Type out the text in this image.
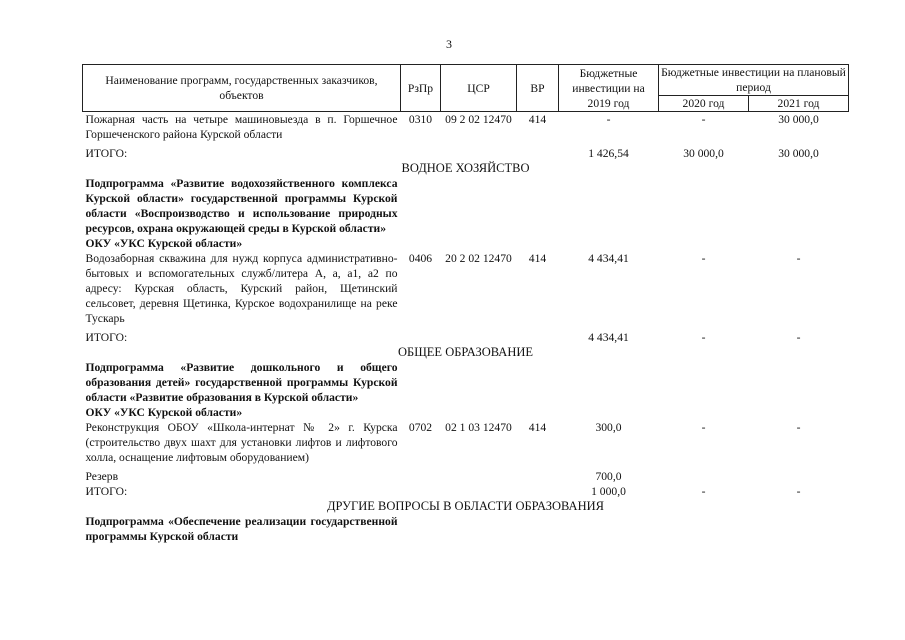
3
Наименование программ, государственных заказчиков, объектов	РзПр	ЦСР	ВР	Бюджетные инвестиции на 2019 год	Бюджетные инвестиции на плановый период	
					2020 год	2021 год
Пожарная часть на четыре машиновыезда в п. Горшечное Горшеченского района Курской области	0310	09 2 02 12470	414	-	-	30 000,0
ИТОГО:				1 426,54	30 000,0	30 000,0
ВОДНОЕ ХОЗЯЙСТВО						
Подпрограмма «Развитие водохозяйственного комплекса Курской области» государственной программы Курской области «Воспроизводство и использование природных ресурсов, охрана окружающей среды в Курской области»						
ОКУ «УКС Курской области»						
Водозаборная скважина для нужд корпуса административно-бытовых и вспомогательных служб/литера А, а, а1, а2 по адресу: Курская область, Курский район, Щетинский сельсовет, деревня Щетинка, Курское водохранилище на реке Тускарь	0406	20 2 02 12470	414	4 434,41	-	-
ИТОГО:				4 434,41	-	-
ОБЩЕЕ ОБРАЗОВАНИЕ						
Подпрограмма «Развитие дошкольного и общего образования детей» государственной программы Курской области «Развитие образования в Курской области»						
ОКУ «УКС Курской области»						
Реконструкция ОБОУ «Школа-интернат № 2» г. Курска (строительство двух шахт для установки лифтов и лифтового холла, оснащение лифтовым оборудованием)	0702	02 1 03 12470	414	300,0	-	-
Резерв				700,0		
ИТОГО:				1 000,0	-	-
ДРУГИЕ ВОПРОСЫ В ОБЛАСТИ ОБРАЗОВАНИЯ						
Подпрограмма «Обеспечение реализации государственной программы Курской области						
